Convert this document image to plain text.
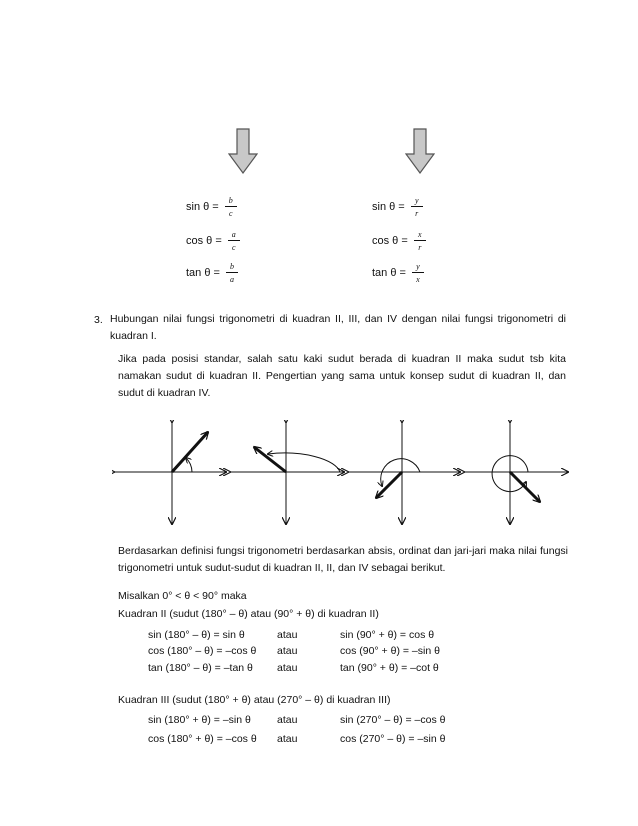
$\sin \theta = \frac{b}{c}$
$\cos \theta = \frac{a}{c}$
$\tan \theta = \frac{b}{a}$
$\sin \theta = \frac{y}{r}$
$\cos \theta = \frac{x}{r}$
$\tan \theta = \frac{y}{x}$
3. Hubungan nilai fungsi trigonometri di kuadran II, III, dan IV dengan nilai fungsi trigonometri di kuadran I.
Jika pada posisi standar, salah satu kaki sudut berada di kuadran II maka sudut tsb kita namakan sudut di kuadran II. Pengertian yang sama untuk konsep sudut di kuadran II, dan sudut di kuadran IV.
Berdasarkan definisi fungsi trigonometri berdasarkan absis, ordinat dan jari-jari maka nilai fungsi trigonometri untuk sudut-sudut di kuadran II, II, dan IV sebagai berikut.
Misalkan 0° < θ < 90° maka
Kuadran II (sudut (180° – θ) atau (90° + θ) di kuadran II)
sin (180° – θ) = sin θ	atau	sin (90° + θ) = cos θ
cos (180° – θ) = –cos θ atau	cos (90° + θ) = –sin θ
tan (180° – θ) = –tan θ atau	tan (90° + θ) = –cot θ
Kuadran III (sudut (180° + θ) atau (270° – θ) di kuadran III)
sin (180° + θ) = –sin θ atau	sin (270° – θ) = –cos θ
cos (180° + θ) = –cos θ atau	cos (270° – θ) = –sin θ
